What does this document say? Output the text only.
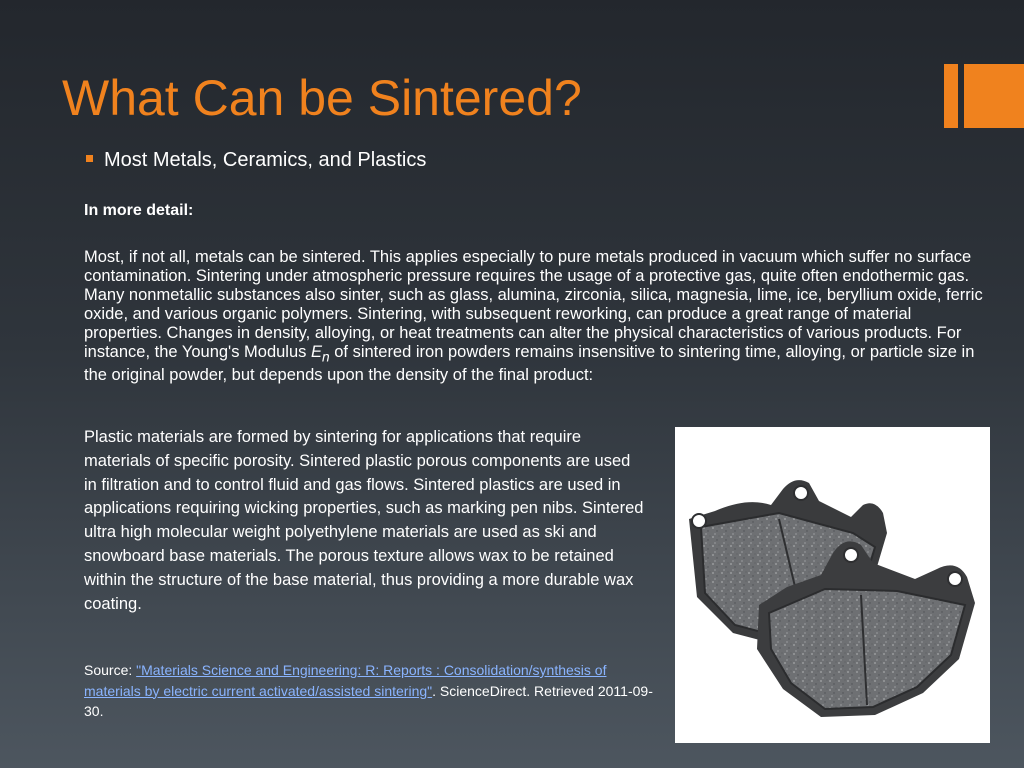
What Can be Sintered?
Most Metals, Ceramics, and Plastics
In more detail:

Most, if not all, metals can be sintered. This applies especially to pure metals produced in vacuum which suffer no surface contamination. Sintering under atmospheric pressure requires the usage of a protective gas, quite often endothermic gas. Many nonmetallic substances also sinter, such as glass, alumina, zirconia, silica, magnesia, lime, ice, beryllium oxide, ferric oxide, and various organic polymers. Sintering, with subsequent reworking, can produce a great range of material properties. Changes in density, alloying, or heat treatments can alter the physical characteristics of various products. For instance, the Young's Modulus $E_n$ of sintered iron powders remains insensitive to sintering time, alloying, or particle size in the original powder, but depends upon the density of the final product:

Plastic materials are formed by sintering for applications that require materials of specific porosity. Sintered plastic porous components are used in filtration and to control fluid and gas flows. Sintered plastics are used in applications requiring wicking properties, such as marking pen nibs. Sintered ultra high molecular weight polyethylene materials are used as ski and snowboard base materials. The porous texture allows wax to be retained within the structure of the base material, thus providing a more durable wax coating.

Source: "Materials Science and Engineering: R: Reports : Consolidation/synthesis of materials by electric current activated/assisted sintering". ScienceDirect. Retrieved 2011-09-30.
